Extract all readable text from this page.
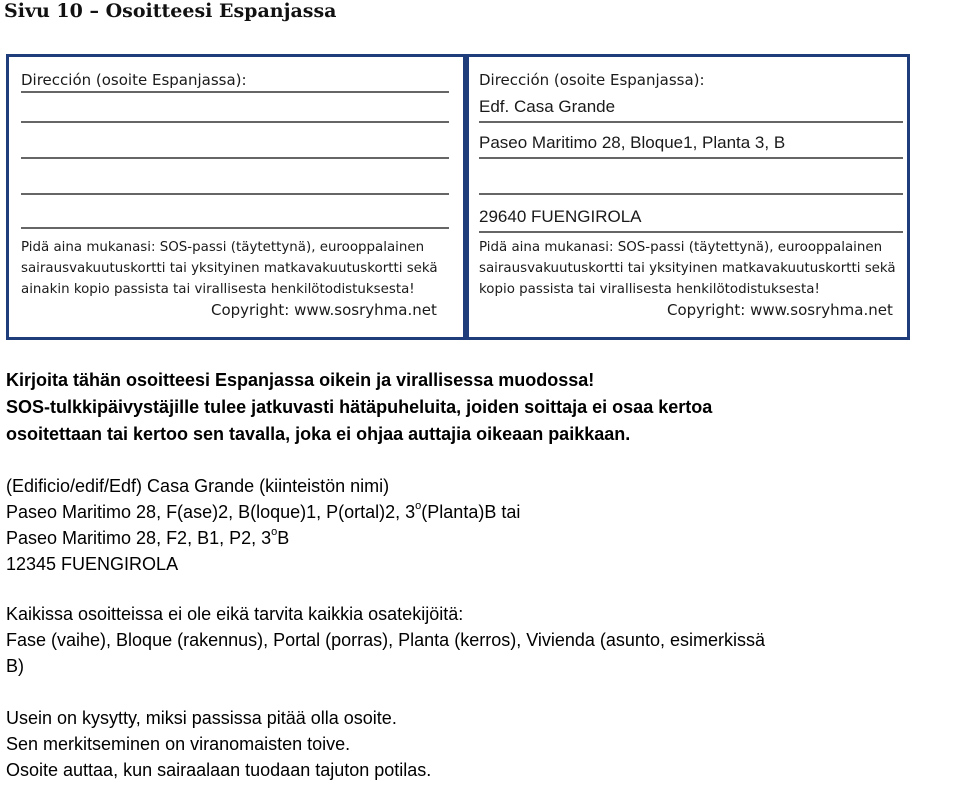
Sivu 10 – Osoitteesi Espanjassa
Dirección (osoite Espanjassa):
Pidä aina mukanasi: SOS-passi (täytettynä), eurooppalainen
sairausvakuutuskortti tai yksityinen matkavakuutuskortti sekä
ainakin kopio passista tai virallisesta henkilötodistuksesta!
Copyright: www.sosryhma.net
Dirección (osoite Espanjassa):
Edf. Casa Grande
Paseo Maritimo 28, Bloque1, Planta 3, B
29640 FUENGIROLA
Pidä aina mukanasi: SOS-passi (täytettynä), eurooppalainen
sairausvakuutuskortti tai yksityinen matkavakuutuskortti sekä
kopio passista tai virallisesta henkilötodistuksesta!
Copyright: www.sosryhma.net
Kirjoita tähän osoitteesi Espanjassa oikein ja virallisessa muodossa!
SOS-tulkkipäivystäjille tulee jatkuvasti hätäpuheluita, joiden soittaja ei osaa kertoa
osoitettaan tai kertoo sen tavalla, joka ei ohjaa auttajia oikeaan paikkaan.
(Edificio/edif/Edf) Casa Grande (kiinteistön nimi)
Paseo Maritimo 28, F(ase)2, B(loque)1, P(ortal)2, 3$^o$(Planta)B tai
Paseo Maritimo 28, F2, B1, P2, 3$^o$B
12345 FUENGIROLA
Kaikissa osoitteissa ei ole eikä tarvita kaikkia osatekijöitä:
Fase (vaihe), Bloque (rakennus), Portal (porras), Planta (kerros), Vivienda (asunto, esimerkissä
B)
Usein on kysytty, miksi passissa pitää olla osoite.
Sen merkitseminen on viranomaisten toive.
Osoite auttaa, kun sairaalaan tuodaan tajuton potilas.
